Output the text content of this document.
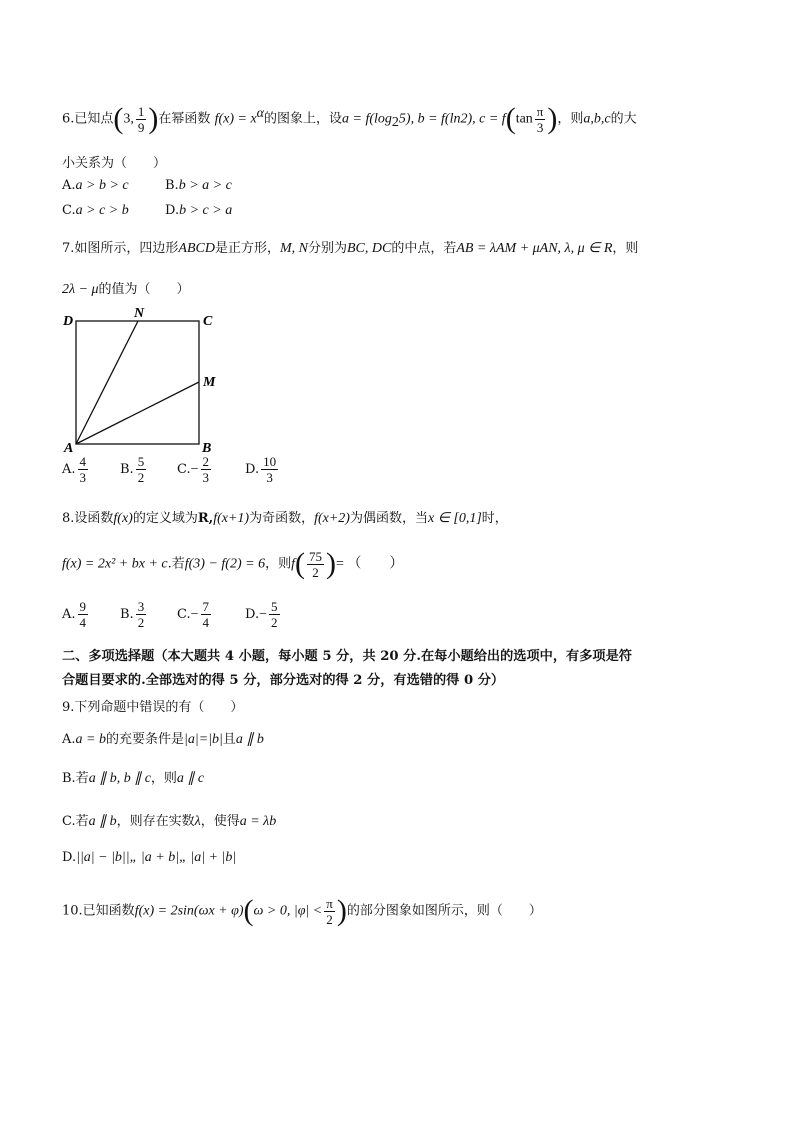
6.已知点(3, $\frac{1}{9}$ )在幂函数 $f(x) = x^\alpha$的图象上，设$a = f(\log_25)$, b = f(ln2), $c = f(\tan \frac{\pi}{3}$ )，则a,b,c的大
小关系为（　　）
A.a > b > c	B.b > a > c
C.a > c > b	D.b > c > a
7.如图所示，四边形ABCD是正方形，M, N分别为BC, DC的中点，若AB = λAM + μAN, λ, μ ∈ R，则
2λ − μ的值为（　　）
D
N
C
M
A	B
A. $\frac{4}{3} B$. $\frac{5}{2} C.- \frac{2}{3}$	D. $\frac{10}{3}$
8.设函数f(x)的定义域为R,f(x+1)为奇函数，f(x+2)为偶函数，当x ∈ [0,1]时，
f(x) = 2x² + bx + c.若f(3) − f(2) = 6，则$f( \frac{75}{2}$ )= （　　）
A. $\frac{9}{4} B$. $\frac{3}{2} C.- \frac{7}{4}$	$D.- \frac{5}{2}$
二、多项选择题（本大题共 4 小题，每小题 5 分，共 20 分.在每小题给出的选项中，有多项是符
合题目要求的.全部选对的得 5 分，部分选对的得 2 分，有选错的得 0 分）
9.下列命题中错误的有（　　）
A.a = b的充要条件是|a|=|b|且a ∥ b
B.若a ∥ b, b ∥ c，则a ∥ c
C.若a ∥ b，则存在实数λ，使得a = λb
D.||a| − |b||„ |a + b|„ |a| + |b|
10.已知函数f(x) = 2sin(ωx + φ)(ω > 0, $|\varphi| < \frac{\pi}{2}$ )的部分图象如图所示，则（　　）
